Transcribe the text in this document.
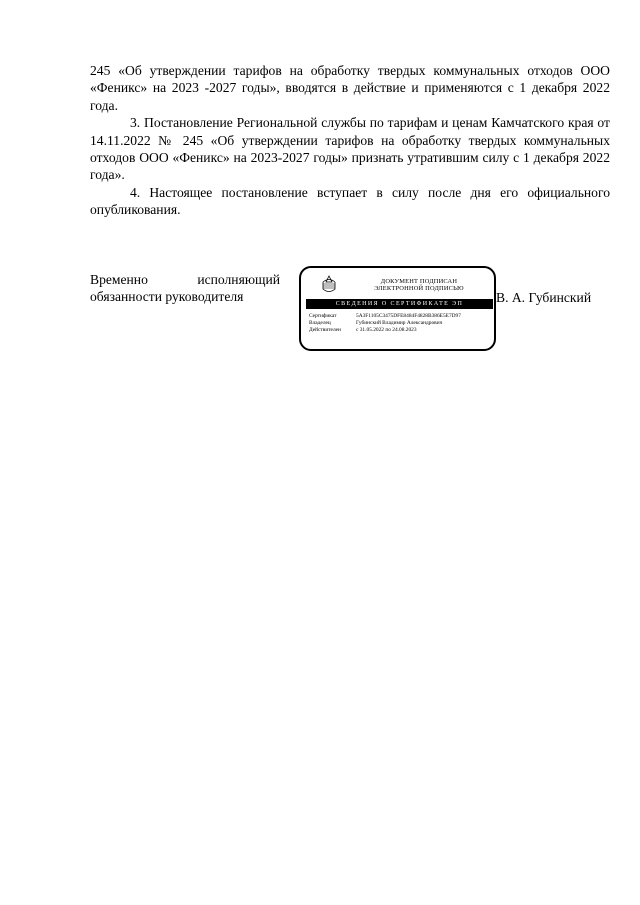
245 «Об утверждении тарифов на обработку твердых коммунальных отходов ООО «Феникс» на 2023 -2027 годы», вводятся в действие и применяются с 1 декабря 2022 года.

3. Постановление Региональной службы по тарифам и ценам Камчатского края от 14.11.2022 № 245 «Об утверждении тарифов на обработку твердых коммунальных отходов ООО «Феникс» на 2023-2027 годы» признать утратившим силу с 1 декабря 2022 года».

4. Настоящее постановление вступает в силу после дня его официального опубликования.

Временно	исполняющий
обязанности руководителя
ДОКУМЕНТ ПОДПИСАН
ЭЛЕКТРОННОЙ ПОДПИСЬЮ
СВЕДЕНИЯ О СЕРТИФИКАТЕ ЭП
Сертификат	5A3F1105C3475DFE8484F4828B386E5E7D97
Владелец	Губинский Владимир Александрович
Действителен	с 31.05.2022 по 24.08.2023
В. А. Губинский
